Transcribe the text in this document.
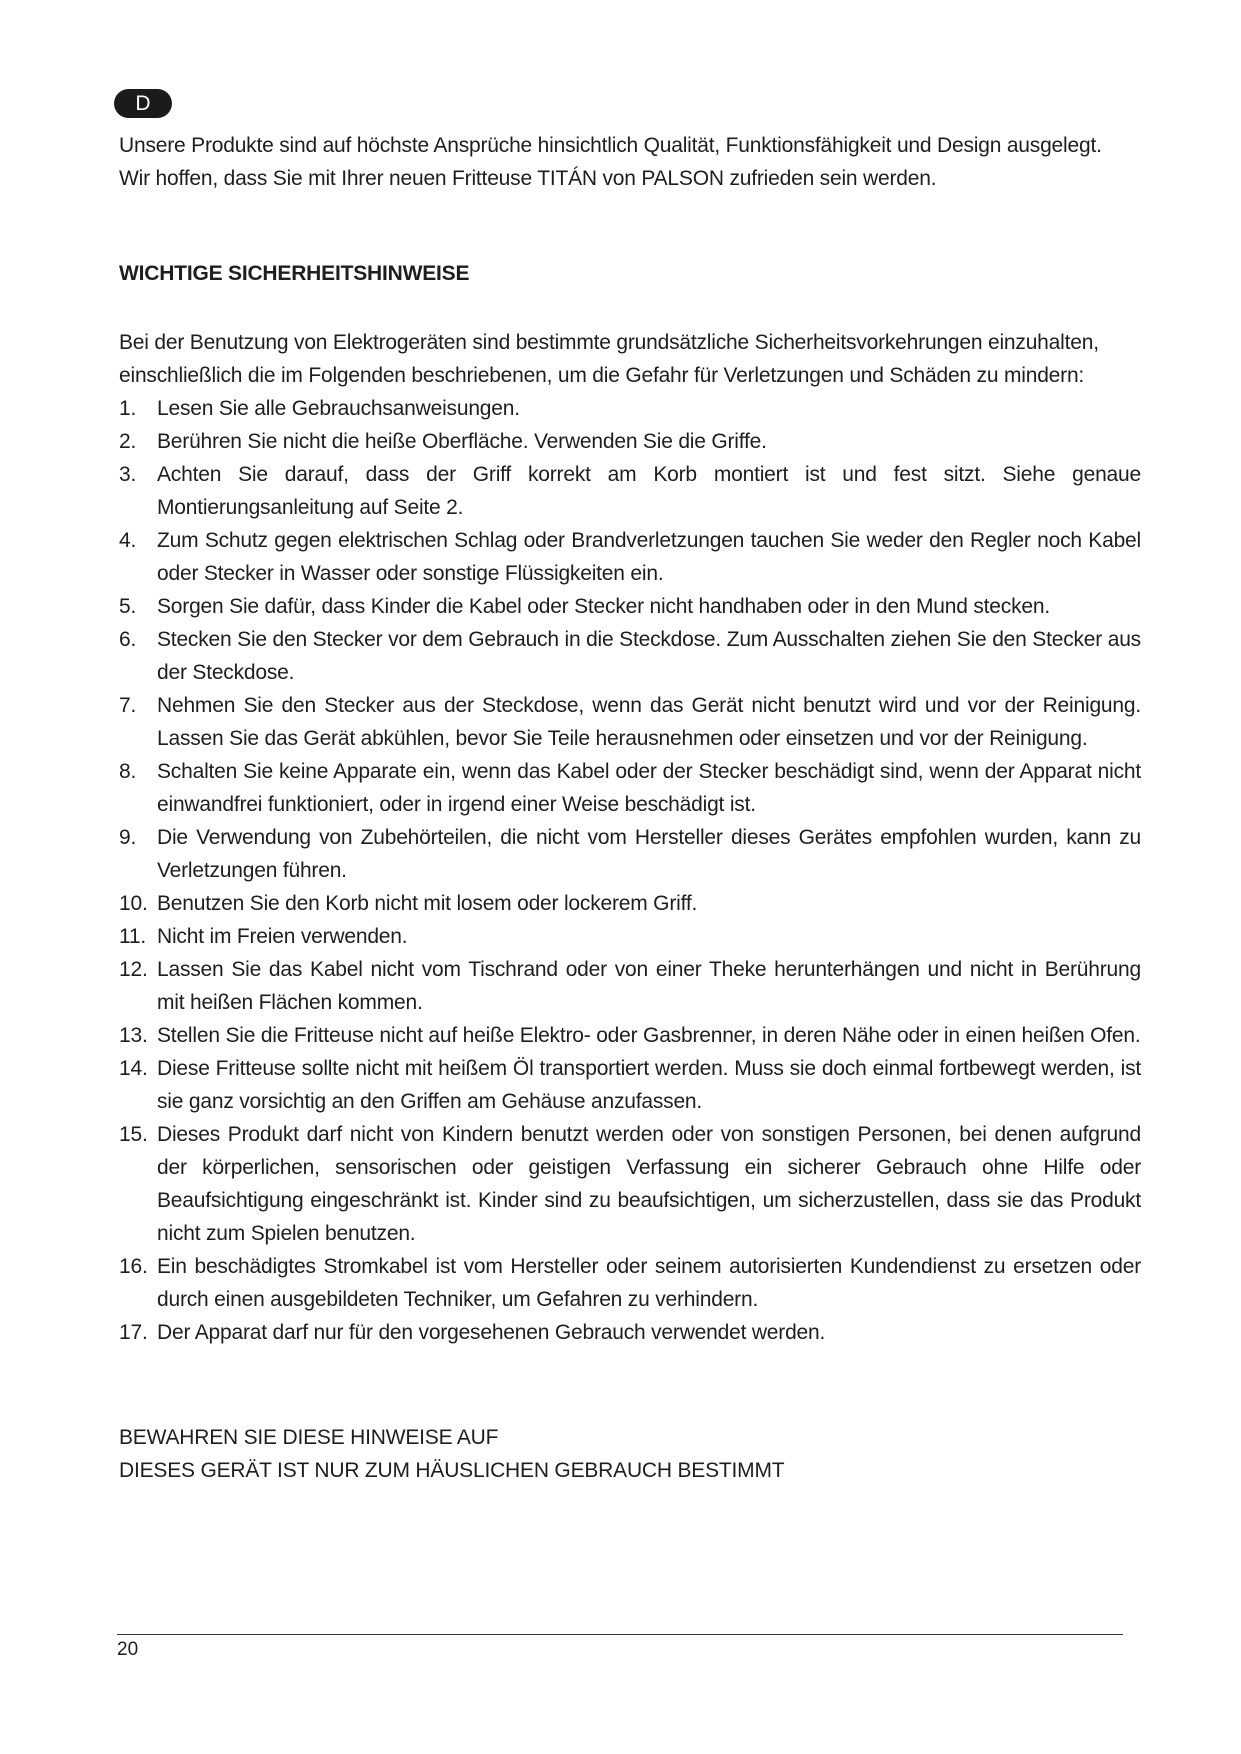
D

Unsere Produkte sind auf höchste Ansprüche hinsichtlich Qualität, Funktionsfähigkeit und Design ausgelegt.

Wir hoffen, dass Sie mit Ihrer neuen Fritteuse TITÁN von PALSON zufrieden sein werden.

WICHTIGE SICHERHEITSHINWEISE

Bei der Benutzung von Elektrogeräten sind bestimmte grundsätzliche Sicherheitsvorkehrungen einzuhalten, einschließlich die im Folgenden beschriebenen, um die Gefahr für Verletzungen und Schäden zu mindern:

1. Lesen Sie alle Gebrauchsanweisungen.
2. Berühren Sie nicht die heiße Oberfläche. Verwenden Sie die Griffe.
3. Achten Sie darauf, dass der Griff korrekt am Korb montiert ist und fest sitzt. Siehe genaue Montierungsanleitung auf Seite 2.
4. Zum Schutz gegen elektrischen Schlag oder Brandverletzungen tauchen Sie weder den Regler noch Kabel oder Stecker in Wasser oder sonstige Flüssigkeiten ein.
5. Sorgen Sie dafür, dass Kinder die Kabel oder Stecker nicht handhaben oder in den Mund stecken.
6. Stecken Sie den Stecker vor dem Gebrauch in die Steckdose. Zum Ausschalten ziehen Sie den Stecker aus der Steckdose.
7. Nehmen Sie den Stecker aus der Steckdose, wenn das Gerät nicht benutzt wird und vor der Reinigung. Lassen Sie das Gerät abkühlen, bevor Sie Teile herausnehmen oder einsetzen und vor der Reinigung.
8. Schalten Sie keine Apparate ein, wenn das Kabel oder der Stecker beschädigt sind, wenn der Apparat nicht einwandfrei funktioniert, oder in irgend einer Weise beschädigt ist.
9. Die Verwendung von Zubehörteilen, die nicht vom Hersteller dieses Gerätes empfohlen wurden, kann zu Verletzungen führen.
10. Benutzen Sie den Korb nicht mit losem oder lockerem Griff.
11. Nicht im Freien verwenden.
12. Lassen Sie das Kabel nicht vom Tischrand oder von einer Theke herunterhängen und nicht in Berührung mit heißen Flächen kommen.
13. Stellen Sie die Fritteuse nicht auf heiße Elektro- oder Gasbrenner, in deren Nähe oder in einen heißen Ofen.
14. Diese Fritteuse sollte nicht mit heißem Öl transportiert werden. Muss sie doch einmal fortbewegt werden, ist sie ganz vorsichtig an den Griffen am Gehäuse anzufassen.
15. Dieses Produkt darf nicht von Kindern benutzt werden oder von sonstigen Personen, bei denen aufgrund der körperlichen, sensorischen oder geistigen Verfassung ein sicherer Gebrauch ohne Hilfe oder Beaufsichtigung eingeschränkt ist. Kinder sind zu beaufsichtigen, um sicherzustellen, dass sie das Produkt nicht zum Spielen benutzen.
16. Ein beschädigtes Stromkabel ist vom Hersteller oder seinem autorisierten Kundendienst zu ersetzen oder durch einen ausgebildeten Techniker, um Gefahren zu verhindern.
17. Der Apparat darf nur für den vorgesehenen Gebrauch verwendet werden.

BEWAHREN SIE DIESE HINWEISE AUF

DIESES GERÄT IST NUR ZUM HÄUSLICHEN GEBRAUCH BESTIMMT

20
